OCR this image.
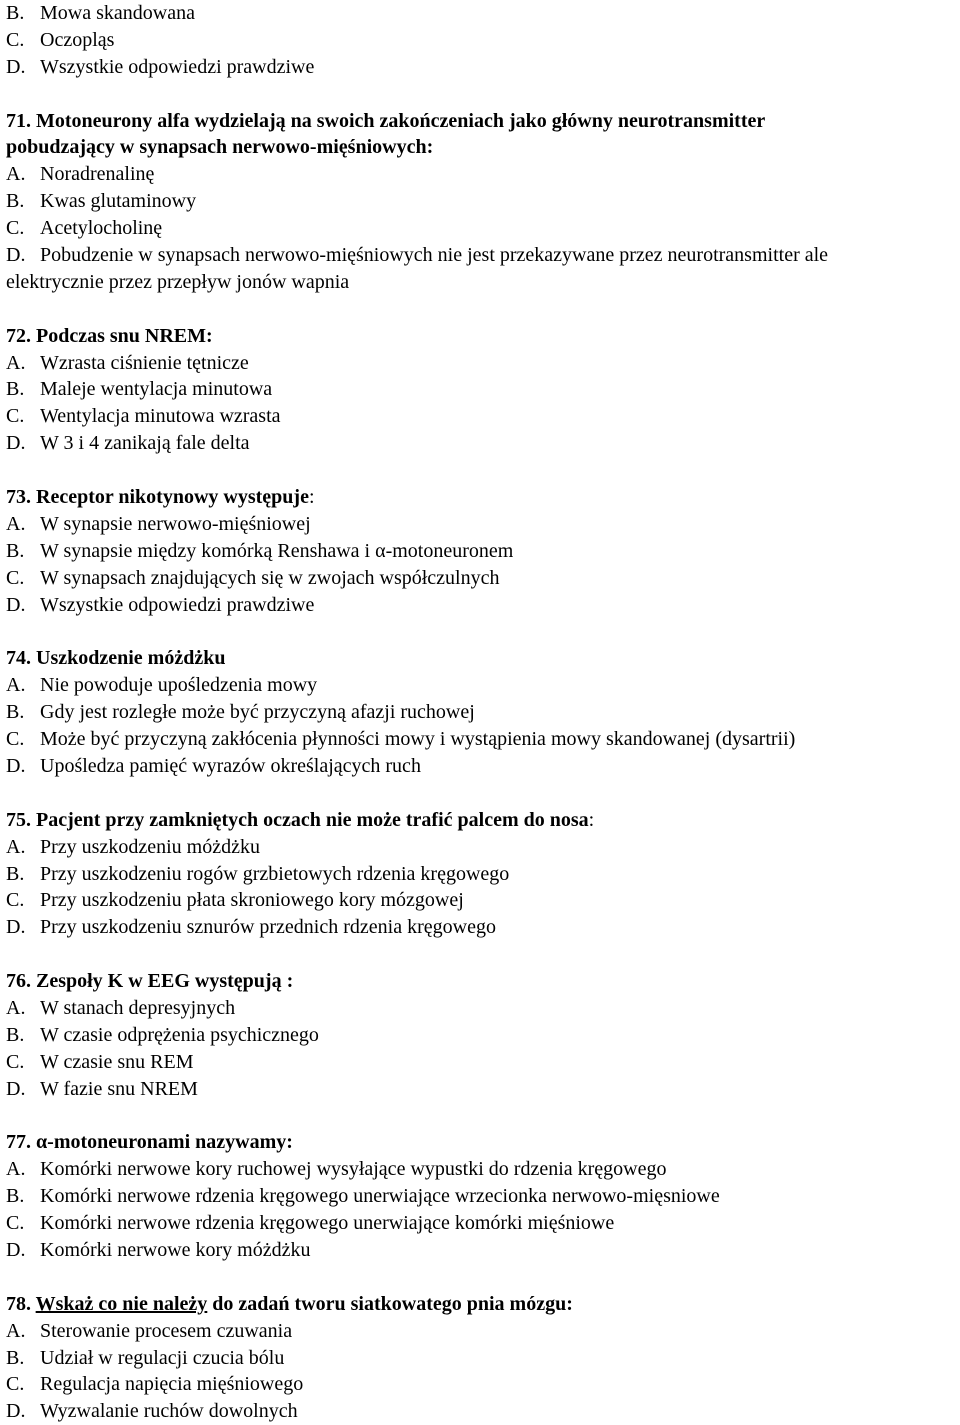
B. Mowa skandowana
C. Oczopląs
D. Wszystkie odpowiedzi prawdziwe
71. Motoneurony alfa wydzielają na swoich zakończeniach jako główny neurotransmitter
pobudzający w synapsach nerwowo-mięśniowych:
A. Noradrenalinę
B. Kwas glutaminowy
C. Acetylocholinę
D. Pobudzenie w synapsach nerwowo-mięśniowych nie jest przekazywane przez neurotransmitter ale
elektrycznie przez przepływ jonów wapnia
72. Podczas snu NREM:
A. Wzrasta ciśnienie tętnicze
B. Maleje wentylacja minutowa
C. Wentylacja minutowa wzrasta
D. W 3 i 4 zanikają fale delta
73. Receptor nikotynowy występuje:
A. W synapsie nerwowo-mięśniowej
B. W synapsie między komórką Renshawa i α-motoneuronem
C. W synapsach znajdujących się w zwojach współczulnych
D. Wszystkie odpowiedzi prawdziwe
74. Uszkodzenie móżdżku
A. Nie powoduje upośledzenia mowy
B. Gdy jest rozległe może być przyczyną afazji ruchowej
C. Może być przyczyną zakłócenia płynności mowy i wystąpienia mowy skandowanej (dysartrii)
D. Upośledza pamięć wyrazów określających ruch
75. Pacjent przy zamkniętych oczach nie może trafić palcem do nosa:
A. Przy uszkodzeniu móżdżku
B. Przy uszkodzeniu rogów grzbietowych rdzenia kręgowego
C. Przy uszkodzeniu płata skroniowego kory mózgowej
D. Przy uszkodzeniu sznurów przednich rdzenia kręgowego
76. Zespoły K w EEG występują :
A. W stanach depresyjnych
B. W czasie odprężenia psychicznego
C. W czasie snu REM
D. W fazie snu NREM
77. α-motoneuronami nazywamy:
A. Komórki nerwowe kory ruchowej wysyłające wypustki do rdzenia kręgowego
B. Komórki nerwowe rdzenia kręgowego unerwiające wrzecionka nerwowo-mięsniowe
C. Komórki nerwowe rdzenia kręgowego unerwiające komórki mięśniowe
D. Komórki nerwowe kory móżdżku
78. Wskaż co nie należy do zadań tworu siatkowatego pnia mózgu:
A. Sterowanie procesem czuwania
B. Udział w regulacji czucia bólu
C. Regulacja napięcia mięśniowego
D. Wyzwalanie ruchów dowolnych
